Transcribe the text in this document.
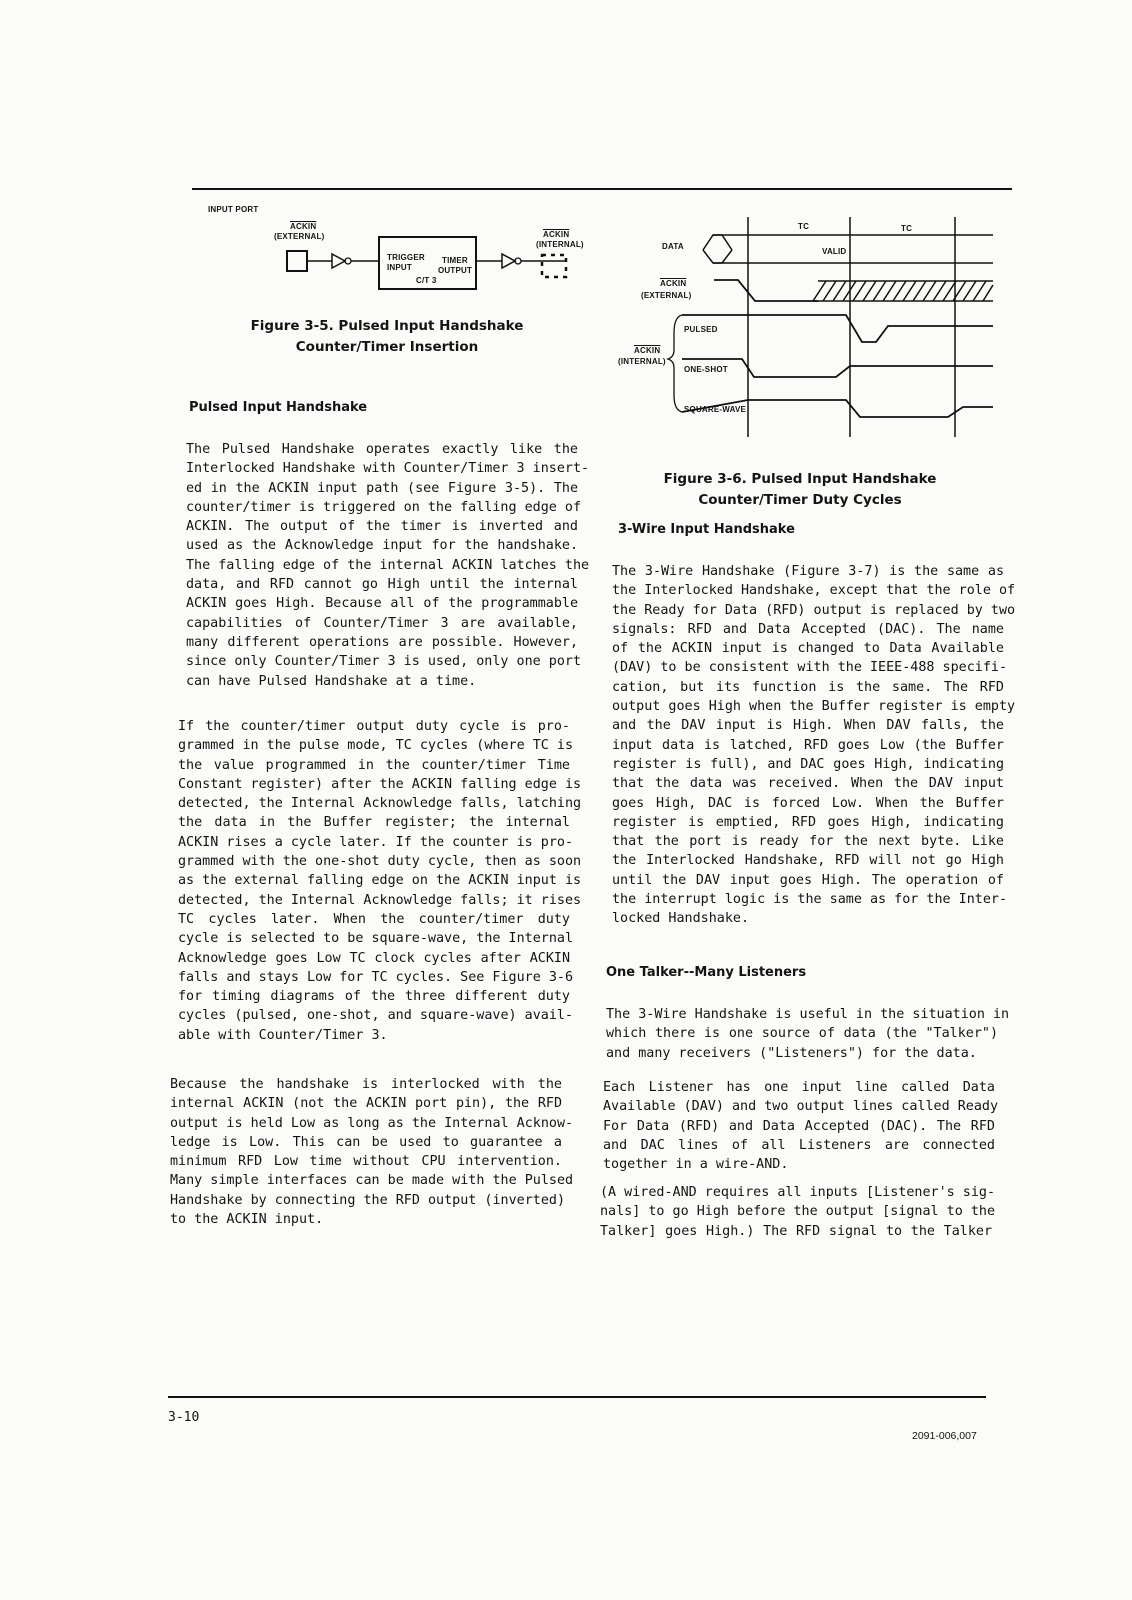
INPUT PORT
ACKIN
(EXTERNAL)	ACKIN
(INTERNAL)
TRIGGER
INPUT
TIMER
OUTPUT
C/T 3
Figure 3-5. Pulsed Input Handshake
Counter/Timer Insertion
TC	TC
DATA
VALID
ACKIN
(EXTERNAL)
PULSED
ACKIN
(INTERNAL)
ONE-SHOT
SQUARE-WAVE
Figure 3-6. Pulsed Input Handshake
Counter/Timer Duty Cycles
Pulsed Input Handshake
The Pulsed Handshake operates exactly like the
Interlocked Handshake with Counter/Timer 3 insert-
ed in the ACKIN input path (see Figure 3-5). The
counter/timer is triggered on the falling edge of
ACKIN. The output of the timer is inverted and
used as the Acknowledge input for the handshake.
The falling edge of the internal ACKIN latches the
data, and RFD cannot go High until the internal
ACKIN goes High. Because all of the programmable
capabilities of Counter/Timer 3 are available,
many different operations are possible. However,
since only Counter/Timer 3 is used, only one port
can have Pulsed Handshake at a time.
If the counter/timer output duty cycle is pro-
grammed in the pulse mode, TC cycles (where TC is
the value programmed in the counter/timer Time
Constant register) after the ACKIN falling edge is
detected, the Internal Acknowledge falls, latching
the data in the Buffer register; the internal
ACKIN rises a cycle later. If the counter is pro-
grammed with the one-shot duty cycle, then as soon
as the external falling edge on the ACKIN input is
detected, the Internal Acknowledge falls; it rises
TC cycles later. When the counter/timer duty
cycle is selected to be square-wave, the Internal
Acknowledge goes Low TC clock cycles after ACKIN
falls and stays Low for TC cycles. See Figure 3-6
for timing diagrams of the three different duty
cycles (pulsed, one-shot, and square-wave) avail-
able with Counter/Timer 3.
Because the handshake is interlocked with the
internal ACKIN (not the ACKIN port pin), the RFD
output is held Low as long as the Internal Acknow-
ledge is Low. This can be used to guarantee a
minimum RFD Low time without CPU intervention.
Many simple interfaces can be made with the Pulsed
Handshake by connecting the RFD output (inverted)
to the ACKIN input.
3-Wire Input Handshake
The 3-Wire Handshake (Figure 3-7) is the same as
the Interlocked Handshake, except that the role of
the Ready for Data (RFD) output is replaced by two
signals: RFD and Data Accepted (DAC). The name
of the ACKIN input is changed to Data Available
(DAV) to be consistent with the IEEE-488 specifi-
cation, but its function is the same. The RFD
output goes High when the Buffer register is empty
and the DAV input is High. When DAV falls, the
input data is latched, RFD goes Low (the Buffer
register is full), and DAC goes High, indicating
that the data was received. When the DAV input
goes High, DAC is forced Low. When the Buffer
register is emptied, RFD goes High, indicating
that the port is ready for the next byte. Like
the Interlocked Handshake, RFD will not go High
until the DAV input goes High. The operation of
the interrupt logic is the same as for the Inter-
locked Handshake.
One Talker--Many Listeners
The 3-Wire Handshake is useful in the situation in
which there is one source of data (the "Talker")
and many receivers ("Listeners") for the data.
Each Listener has one input line called Data
Available (DAV) and two output lines called Ready
For Data (RFD) and Data Accepted (DAC). The RFD
and DAC lines of all Listeners are connected
together in a wire-AND.
(A wired-AND requires all inputs [Listener's sig-
nals] to go High before the output [signal to the
Talker] goes High.) The RFD signal to the Talker
3-10
2091-006,007
